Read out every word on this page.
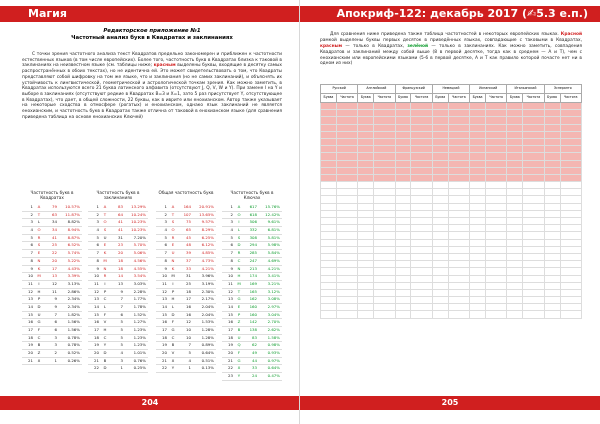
Магия
Редакторское приложение №1
Частотный анализ букв в Квадратах и заклинаниях

С точки зрения частотного анализа текст Квадратов предельно закономерен и приближен к частотности естественных языков (в том числе европейских). Более того, частотность букв в Квадратах близка к таковой в заклинаниях на неизвестном языке (см. таблицы ниже; красным выделены буквы, входящие в десятку самых распространённых в обоих текстах), но не идентична ей. Это может свидетельствовать о том, что Квадраты представляют собой шифровку на том же языке, что и заклинания (но не самих заклинаний), и объяснять их устойчивость к лингвистической, геометрической и астрологической точкам зрения. Как можно заметить, в Квадратах используются всего 21 буква латинского алфавита (отсутствуют J, Q, V, W и Y). При замене I на Y и выборе в заклинаниях (отсутствуют редкие в Квадратах В=3 и Х=1, зато 5 раз присутствует Y, отсутствующее в Квадратах), что дает, в общей сложности, 22 буквы, как в иврите или енохианском. Автор также указывает на некоторые сходства в отмосфере (рогатых) и енохианском, однако язык заклинаний не является енохианским, и частотность букв в Квадратах также отлична от таковой в енохианском языке (для сравнения приведена таблица на основе енохианских Ключей)

Частотность букв в Квадратах
1	A	79	10.57%
2	T	63	11.87%
3	L	34	8.82%
4	O	34	8.94%
5	R	41	8.87%
6	S	25	6.52%
7	E	22	5.74%
8	N	20	5.22%
9	K	17	4.43%
10	M	13	3.39%
11	I	12	3.13%
12	H	11	2.86%
13	P	9	2.34%
14	D	9	2.34%
15	U	7	1.82%
16	G	6	1.56%
17	F	6	1.56%
18	C	3	0.78%
19	B	3	0.78%
20	Z	2	0.52%
21	X	1	0.26%
Частотность букв в заклинаниях
1	A	83	13.29%
2	T	64	10.24%
3	O	41	10.23%
4	S	41	10.23%
5	U	31	7.20%
6	E	23	5.70%
7	K	20	5.06%
8	M	18	4.56%
9	N	18	4.55%
10	R	14	3.54%
11	I	13	3.03%
12	P	9	2.28%
13	C	7	1.77%
14	L	7	1.78%
15	F	6	1.52%
16	V	5	1.27%
17	H	5	1.23%
18	C	5	1.23%
19	Y	5	1.23%
20	D	4	1.01%
21	B	3	0.76%
22	D	1	0.25%
Общая частотность букв
1	A	164	20.91%
2	T	107	13.65%
3	S	75	9.57%
4	O	65	8.29%
5	R	45	6.25%
6	E	48	6.12%
7	U	39	4.85%
8	N	37	4.73%
9	K	33	4.21%
10	M	31	3.96%
11	I	25	3.19%
12	P	18	2.30%
13	H	17	2.17%
14	L	16	2.04%
15	D	16	2.04%
16	F	12	1.53%
17	G	10	1.28%
18	C	10	1.28%
19	B	7	0.89%
20	V	5	0.64%
21	X	4	0.51%
22	Y	1	0.13%
Частотность букв в Ключах
1	A	617	15.76%
2	O	618	12.42%
3	I	506	9.61%
4	L	332	6.81%
5	S	308	5.81%
6	D	294	5.98%
7	R	285	5.84%
8	C	247	4.69%
9	N	213	4.21%
10	H	174	3.41%
11	M	169	3.21%
12	T	165	3.12%
13	G	162	3.08%
14	E	160	2.97%
15	P	160	3.04%
16	Z	142	2.70%
17	B	138	2.62%
18	U	83	1.58%
19	Q	62	0.98%
20	F	49	0.93%
21	G	44	0.97%
22	X	33	0.64%
23	Y	24	0.47%
204
Апокриф-122: декабрь 2017 (✍5.3 е.п.)

Для сравнения ниже приведена также таблица частотностей в некоторых европейских языках. Красной рамкой выделены буквы первых десяток в приведённых языках, совпадающие с таковыми в Квадратах, красным — только в Квадратах, зелёной — только в заклинаниях. Как можно заметить, совпадения Квадратов и заклинаний между собой выше (8 в первой десятке, тогда как в среднем — А и Т), чем с енохианским или европейскими языками (5-6 в первой десятке, А и Т как правило которой почасте нет ни в одном из них)

Русский		Английский		Французский		Немецкий		Испанский		Итальянский		Эсперанто	
Буква	Частота	Буква	Частота	Буква	Частота	Буква	Частота	Буква	Частота	Буква	Частота	Буква	Частота

205
